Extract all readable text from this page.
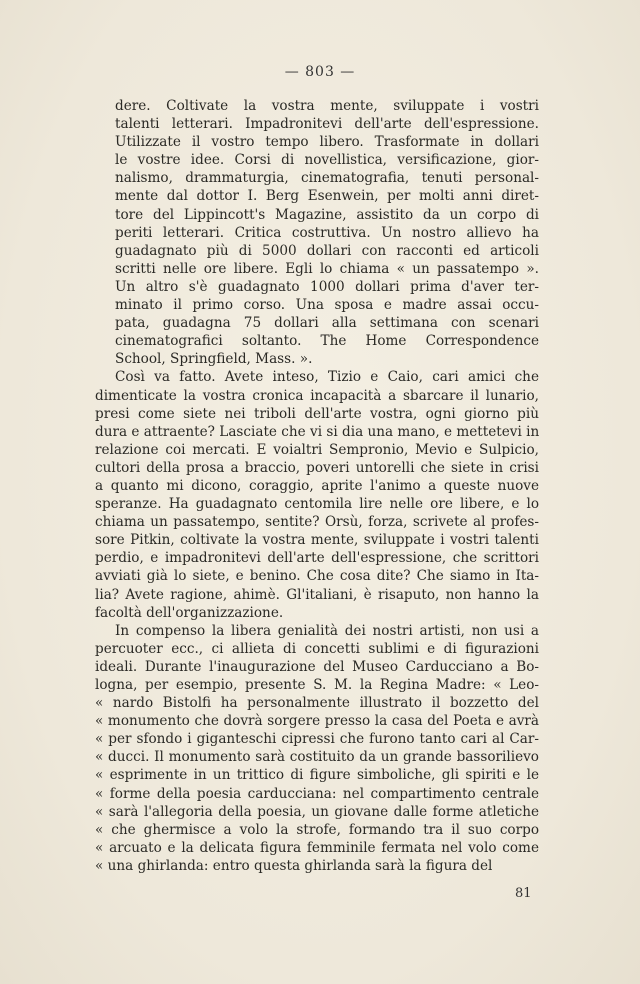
— 803 —
dere. Coltivate la vostra mente, sviluppate i vostri
talenti letterari. Impadronitevi dell'arte dell'espressione.
Utilizzate il vostro tempo libero. Trasformate in dollari
le vostre idee. Corsi di novellistica, versificazione, gior-
nalismo, drammaturgia, cinematografia, tenuti personal-
mente dal dottor I. Berg Esenwein, per molti anni diret-
tore del Lippincott's Magazine, assistito da un corpo di
periti letterari. Critica costruttiva. Un nostro allievo ha
guadagnato più di 5000 dollari con racconti ed articoli
scritti nelle ore libere. Egli lo chiama « un passatempo ».
Un altro s'è guadagnato 1000 dollari prima d'aver ter-
minato il primo corso. Una sposa e madre assai occu-
pata, guadagna 75 dollari alla settimana con scenari
cinematografici soltanto. The Home Correspondence
School, Springfield, Mass. ».
Così va fatto. Avete inteso, Tizio e Caio, cari amici che
dimenticate la vostra cronica incapacità a sbarcare il lunario,
presi come siete nei triboli dell'arte vostra, ogni giorno più
dura e attraente? Lasciate che vi si dia una mano, e mettetevi in
relazione coi mercati. E voialtri Sempronio, Mevio e Sulpicio,
cultori della prosa a braccio, poveri untorelli che siete in crisi
a quanto mi dicono, coraggio, aprite l'animo a queste nuove
speranze. Ha guadagnato centomila lire nelle ore libere, e lo
chiama un passatempo, sentite? Orsù, forza, scrivete al profes-
sore Pitkin, coltivate la vostra mente, sviluppate i vostri talenti
perdio, e impadronitevi dell'arte dell'espressione, che scrittori
avviati già lo siete, e benino. Che cosa dite? Che siamo in Ita-
lia? Avete ragione, ahimè. Gl'italiani, è risaputo, non hanno la
facoltà dell'organizzazione.
In compenso la libera genialità dei nostri artisti, non usi a
percuoter ecc., ci allieta di concetti sublimi e di figurazioni
ideali. Durante l'inaugurazione del Museo Carducciano a Bo-
logna, per esempio, presente S. M. la Regina Madre: « Leo-
« nardo Bistolfi ha personalmente illustrato il bozzetto del
« monumento che dovrà sorgere presso la casa del Poeta e avrà
« per sfondo i giganteschi cipressi che furono tanto cari al Car-
« ducci. Il monumento sarà costituito da un grande bassorilievo
« esprimente in un trittico di figure simboliche, gli spiriti e le
« forme della poesia carducciana: nel compartimento centrale
« sarà l'allegoria della poesia, un giovane dalle forme atletiche
« che ghermisce a volo la strofe, formando tra il suo corpo
« arcuato e la delicata figura femminile fermata nel volo come
« una ghirlanda: entro questa ghirlanda sarà la figura del
81
